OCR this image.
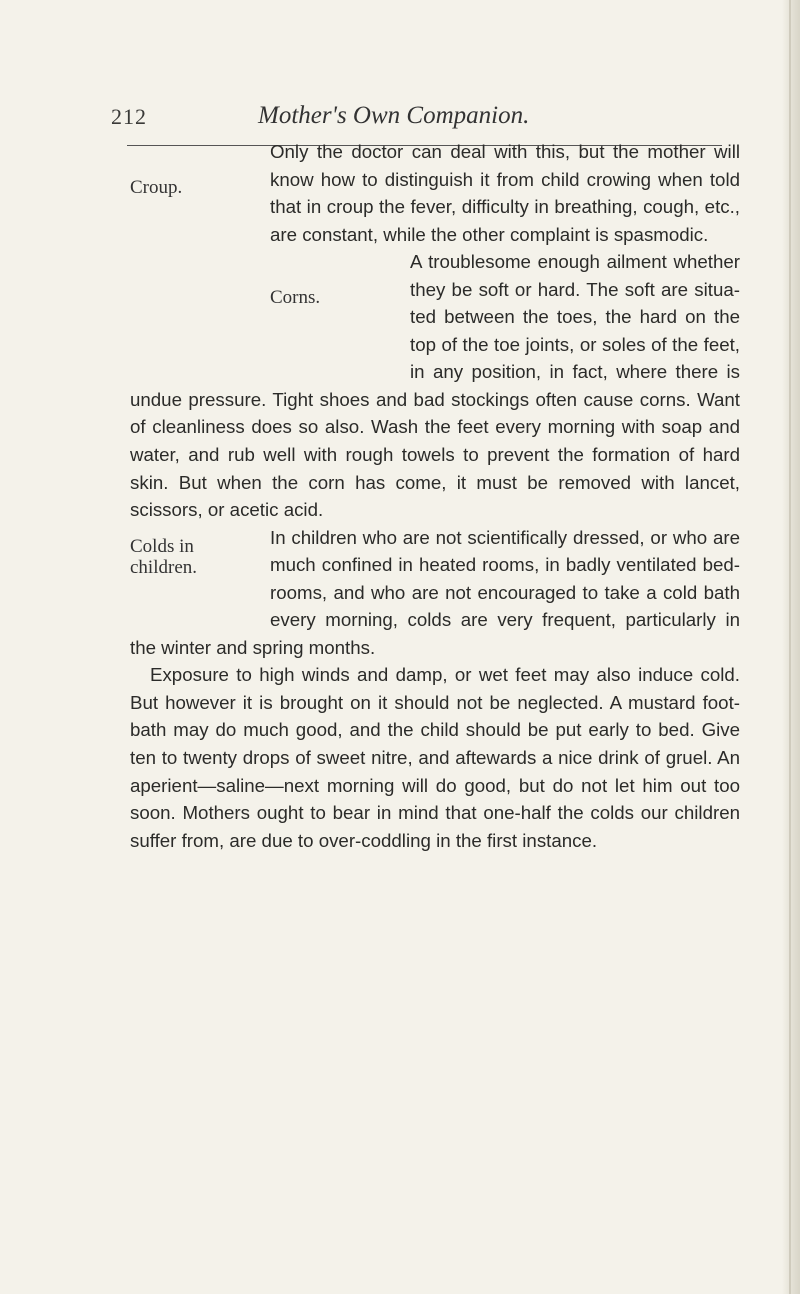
212	Mother's Own Companion.

Croup.
Only the doctor can deal with this, but the mother will know how to distinguish it from child crowing when told that in croup the fever, difficulty in breathing, cough, etc., are constant, while the other complaint is spasmodic.

Corns.
A troublesome enough ailment whether they be soft or hard. The soft are situated between the toes, the hard on the top of the toe joints, or soles of the feet, in any position, in fact, where there is undue pressure. Tight shoes and bad stockings often cause corns. Want of cleanliness does so also. Wash the feet every morning with soap and water, and rub well with rough towels to prevent the formation of hard skin. But when the corn has come, it must be removed with lancet, scissors, or acetic acid.

Colds in
children.
In children who are not scientifically dressed, or who are much confined in heated rooms, in badly ventilated bedrooms, and who are not encouraged to take a cold bath every morning, colds are very frequent, particularly in the winter and spring months.

Exposure to high winds and damp, or wet feet may also induce cold. But however it is brought on it should not be neglected. A mustard foot-bath may do much good, and the child should be put early to bed. Give ten to twenty drops of sweet nitre, and aftewards a nice drink of gruel. An aperient—saline—next morning will do good, but do not let him out too soon. Mothers ought to bear in mind that one-half the colds our children suffer from, are due to over-coddling in the first instance.
